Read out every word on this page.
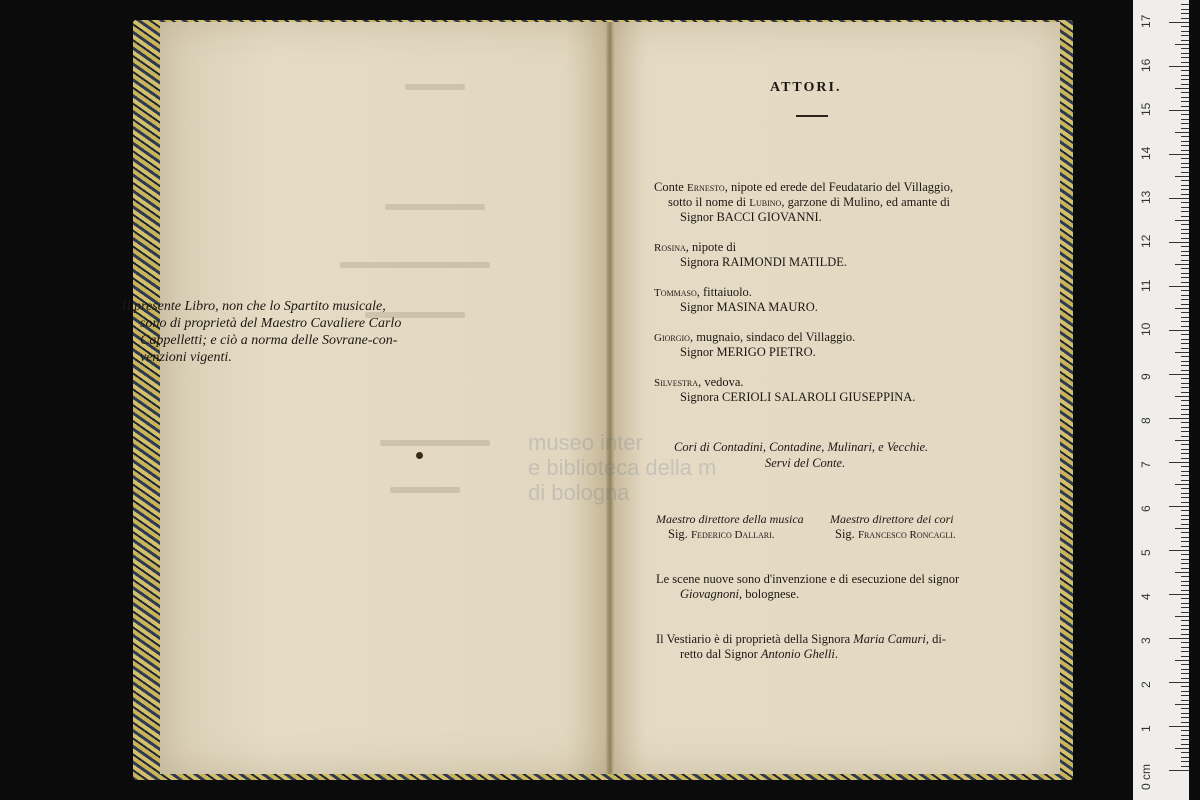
museo inter
e biblioteca della m
di bologna
Il presente Libro, non che lo Spartito musicale,
sono di proprietà del Maestro Cavaliere Carlo
Cappelletti; e ciò a norma delle Sovrane-con-
venzioni vigenti.
ATTORI.
Conte Ernesto, nipote ed erede del Feudatario del Villaggio,
sotto il nome di Lubino, garzone di Mulino, ed amante di
Signor BACCI GIOVANNI.
Rosina, nipote di
Signora RAIMONDI MATILDE.
Tommaso, fittaiuolo.
Signor MASINA MAURO.
Giorgio, mugnaio, sindaco del Villaggio.
Signor MERIGO PIETRO.
Silvestra, vedova.
Signora CERIOLI SALAROLI GIUSEPPINA.
Cori di Contadini, Contadine, Mulinari, e Vecchie.
Servi del Conte.
Maestro direttore della musica
Sig. Federico Dallari.
Maestro direttore dei cori
Sig. Francesco Roncagli.
Le scene nuove sono d'invenzione e di esecuzione del signor
Giovagnoni, bolognese.
Il Vestiario è di proprietà della Signora Maria Camuri, di-
retto dal Signor Antonio Ghelli.
0 cm
1
2
3
4
5
6
7
8
9
10
11
12
13
14
15
16
17
